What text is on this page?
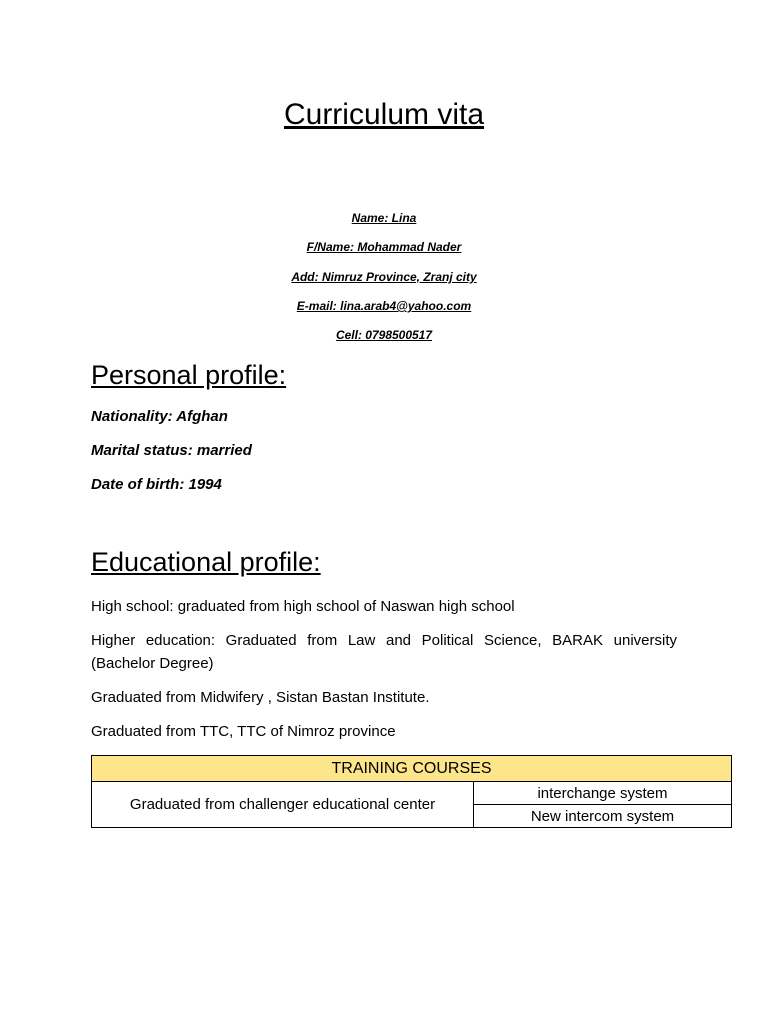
Curriculum vita
Name: Lina
F/Name: Mohammad Nader
Add: Nimruz Province, Zranj city
E-mail: lina.arab4@yahoo.com
Cell: 0798500517
Personal profile:
Nationality: Afghan
Marital status: married
Date of birth: 1994
Educational profile:
High school: graduated from high school of Naswan high school
Higher education: Graduated from Law and Political Science, BARAK university (Bachelor Degree)
Graduated from Midwifery , Sistan Bastan Institute.
Graduated from TTC, TTC of Nimroz province
TRAINING COURSES
Graduated from challenger educational center	interchange system
New intercom system
